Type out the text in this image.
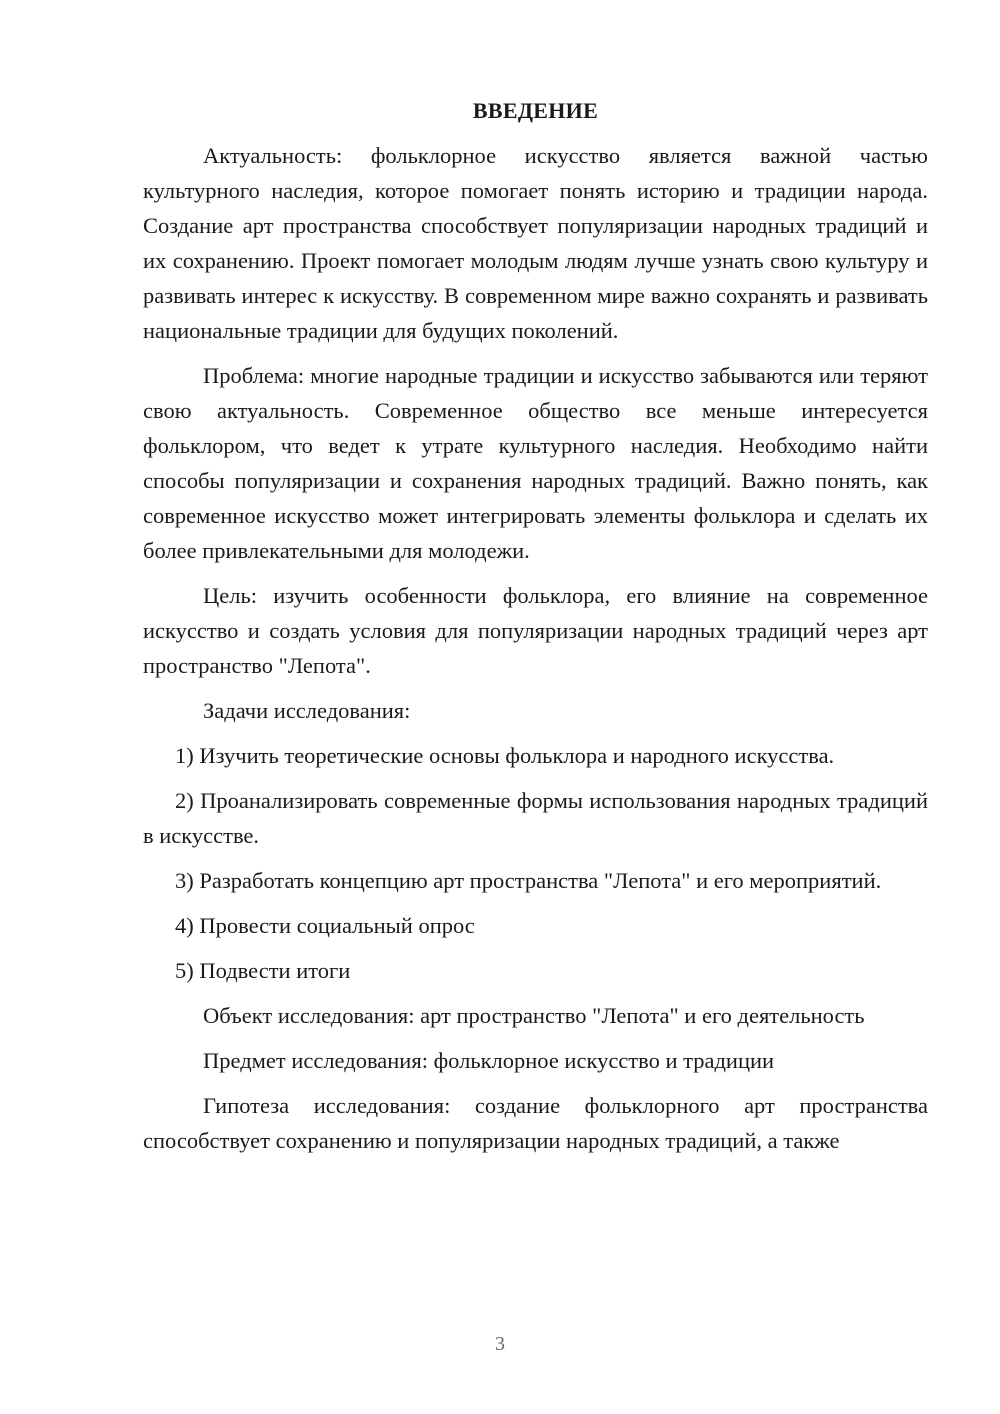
ВВЕДЕНИЕ

Актуальность: фольклорное искусство является важной частью культурного наследия, которое помогает понять историю и традиции народа. Создание арт пространства способствует популяризации народных традиций и их сохранению. Проект помогает молодым людям лучше узнать свою культуру и развивать интерес к искусству. В современном мире важно сохранять и развивать национальные традиции для будущих поколений.

Проблема: многие народные традиции и искусство забываются или теряют свою актуальность. Современное общество все меньше интересуется фольклором, что ведет к утрате культурного наследия. Необходимо найти способы популяризации и сохранения народных традиций. Важно понять, как современное искусство может интегрировать элементы фольклора и сделать их более привлекательными для молодежи.

Цель: изучить особенности фольклора, его влияние на современное искусство и создать условия для популяризации народных традиций через арт пространство "Лепота".

Задачи исследования:

1) Изучить теоретические основы фольклора и народного искусства.

2) Проанализировать современные формы использования народных традиций в искусстве.

3) Разработать концепцию арт пространства "Лепота" и его мероприятий.

4) Провести социальный опрос

5) Подвести итоги

Объект исследования: арт пространство "Лепота" и его деятельность

Предмет исследования: фольклорное искусство и традиции

Гипотеза исследования: создание фольклорного арт пространства способствует сохранению и популяризации народных традиций, а также

3
